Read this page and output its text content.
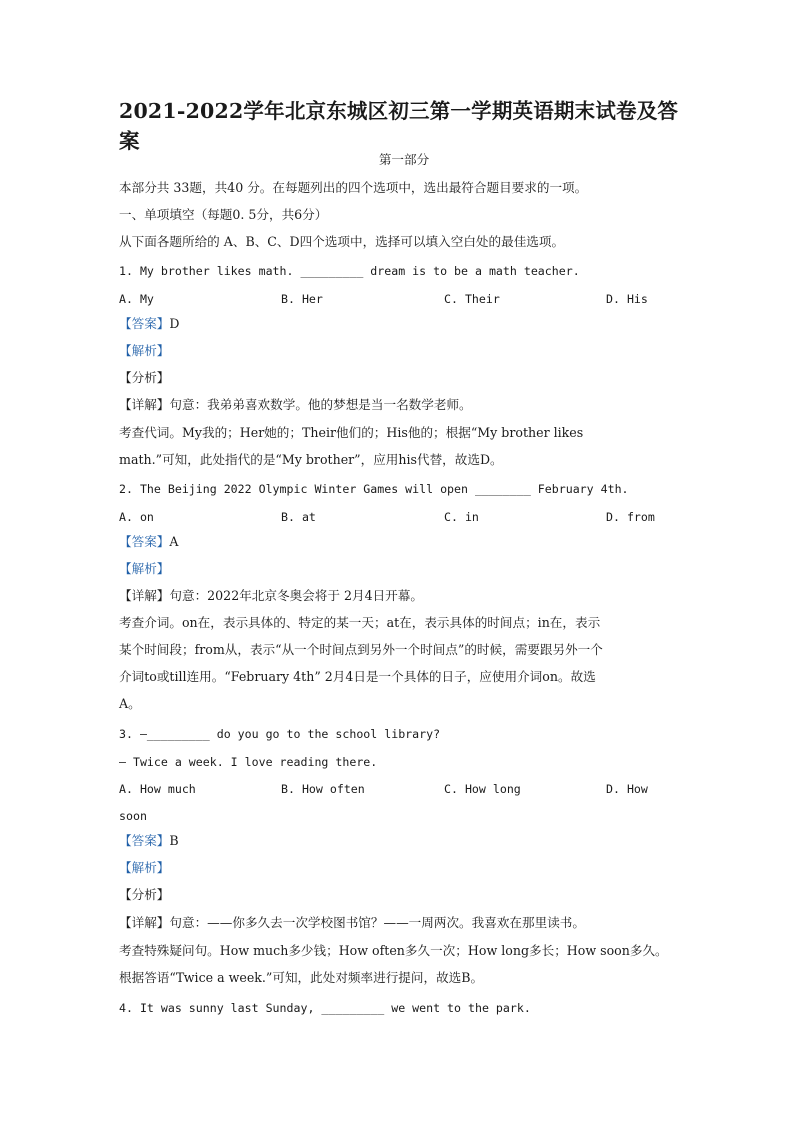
2021-2022学年北京东城区初三第一学期英语期末试卷及答
案
第一部分
本部分共 33题，共40 分。在每题列出的四个选项中，选出最符合题目要求的一项。
一、单项填空（每题0. 5分，共6分）
从下面各题所给的 A、B、C、D四个选项中，选择可以填入空白处的最佳选项。
1. My brother likes math. _________ dream is to be a math teacher.
A. My	B. Her	C. Their	D. His
【答案】D
【解析】
【分析】
【详解】句意：我弟弟喜欢数学。他的梦想是当一名数学老师。
考查代词。My我的；Her她的；Their他们的；His他的；根据“My brother likes
math.”可知，此处指代的是“My brother”，应用his代替，故选D。
2. The Beijing 2022 Olympic Winter Games will open ________ February 4th.
A. on	B. at	C. in	D. from
【答案】A
【解析】
【详解】句意：2022年北京冬奥会将于 2月4日开幕。
考查介词。on在，表示具体的、特定的某一天；at在，表示具体的时间点；in在，表示
某个时间段；from从，表示“从一个时间点到另外一个时间点”的时候，需要跟另外一个
介词to或till连用。“February 4th” 2月4日是一个具体的日子，应使用介词on。故选
A。
3. —_________ do you go to the school library?
— Twice a week. I love reading there.
A. How much	B. How often	C. How long	D. How
soon
【答案】B
【解析】
【分析】
【详解】句意：——你多久去一次学校图书馆？——一周两次。我喜欢在那里读书。
考查特殊疑问句。How much多少钱；How often多久一次；How long多长；How soon多久。
根据答语“Twice a week.”可知，此处对频率进行提问，故选B。
4. It was sunny last Sunday, _________ we went to the park.
